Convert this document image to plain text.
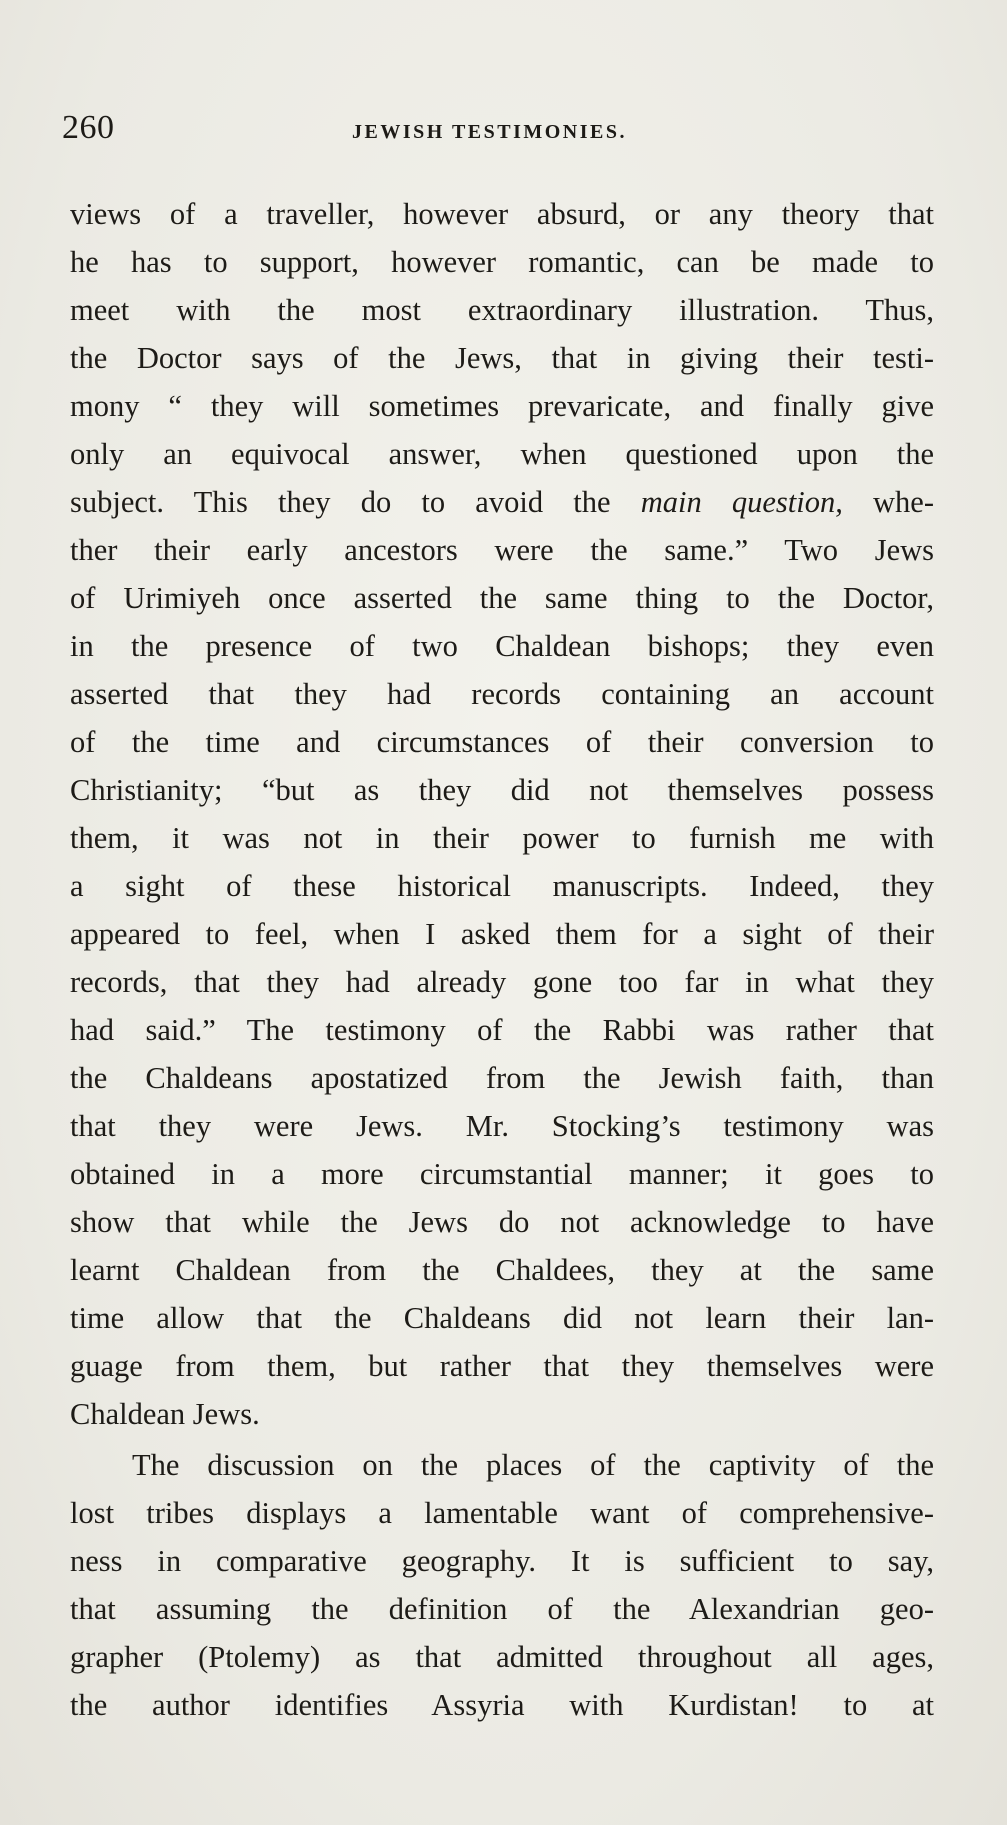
260	JEWISH TESTIMONIES.
views of a traveller, however absurd, or any theory that
he has to support, however romantic, can be made to
meet with the most extraordinary illustration. Thus,
the Doctor says of the Jews, that in giving their testi-
mony “ they will sometimes prevaricate, and finally give
only an equivocal answer, when questioned upon the
subject. This they do to avoid the main question, whe-
ther their early ancestors were the same.” Two Jews
of Urimiyeh once asserted the same thing to the Doctor,
in the presence of two Chaldean bishops; they even
asserted that they had records containing an account
of the time and circumstances of their conversion to
Christianity; “but as they did not themselves possess
them, it was not in their power to furnish me with
a sight of these historical manuscripts. Indeed, they
appeared to feel, when I asked them for a sight of their
records, that they had already gone too far in what they
had said.” The testimony of the Rabbi was rather that
the Chaldeans apostatized from the Jewish faith, than
that they were Jews. Mr. Stocking’s testimony was
obtained in a more circumstantial manner; it goes to
show that while the Jews do not acknowledge to have
learnt Chaldean from the Chaldees, they at the same
time allow that the Chaldeans did not learn their lan-
guage from them, but rather that they themselves were
Chaldean Jews.
The discussion on the places of the captivity of the
lost tribes displays a lamentable want of comprehensive-
ness in comparative geography. It is sufficient to say,
that assuming the definition of the Alexandrian geo-
grapher (Ptolemy) as that admitted throughout all ages,
the author identifies Assyria with Kurdistan! to at
